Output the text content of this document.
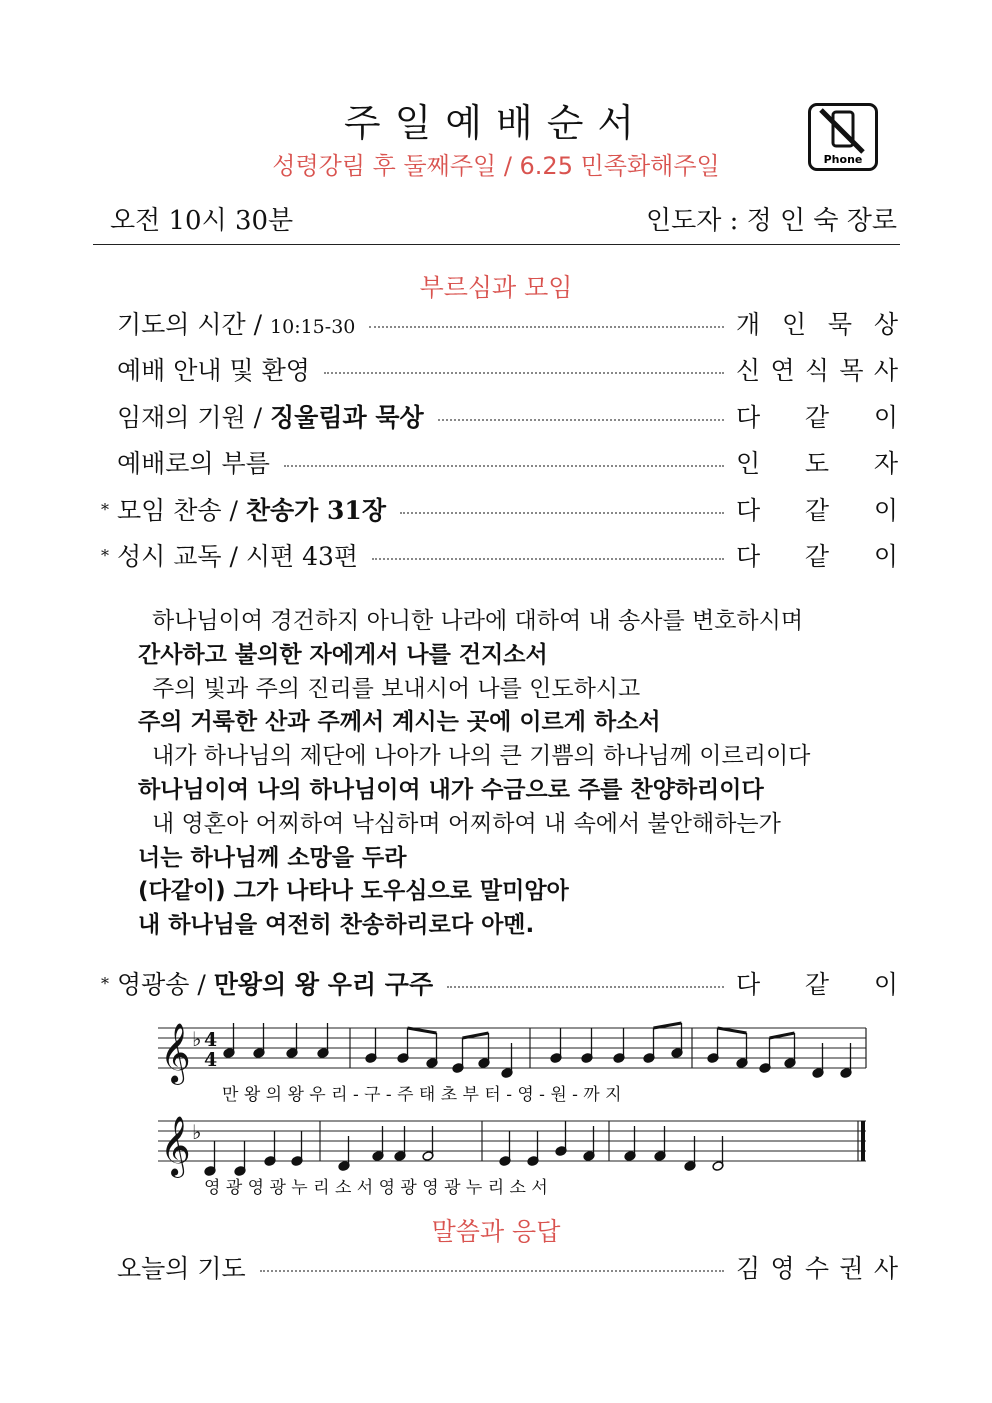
주일예배순서
성령강림 후 둘째주일 / 6.25 민족화해주일	Phone
오전 10시 30분	인도자 : 정 인 숙 장로
부르심과 모임
기도의 시간 / 10:15-30	개 인 묵 상
예배 안내 및 환영	신 연 식 목 사
임재의 기원 / 징울림과 묵상	다 같 이
예배로의 부름	인 도 자
* 모임 찬송 / 찬송가 31장	다 같 이
* 성시 교독 / 시편 43편	다 같 이
하나님이여 경건하지 아니한 나라에 대하여 내 송사를 변호하시며
간사하고 불의한 자에게서 나를 건지소서
주의 빛과 주의 진리를 보내시어 나를 인도하시고
주의 거룩한 산과 주께서 계시는 곳에 이르게 하소서
내가 하나님의 제단에 나아가 나의 큰 기쁨의 하나님께 이르리이다
하나님이여 나의 하나님이여 내가 수금으로 주를 찬양하리이다
내 영혼아 어찌하여 낙심하며 어찌하여 내 속에서 불안해하는가
너는 하나님께 소망을 두라
(다같이) 그가 나타나 도우심으로 말미암아
내 하나님을 여전히 찬송하리로다 아멘.
* 영광송 / 만왕의 왕 우리 구주	다 같 이
𝄞 ♭ 4
4
𝄞 ♭
만 왕 의 왕 우 리 - 구 - 주 태 초 부 터 - 영 - 원 - 까 지
영 광 영 광 누 리 소 서 영 광 영 광 누 리 소 서
말씀과 응답
오늘의 기도	김 영 수 권 사
